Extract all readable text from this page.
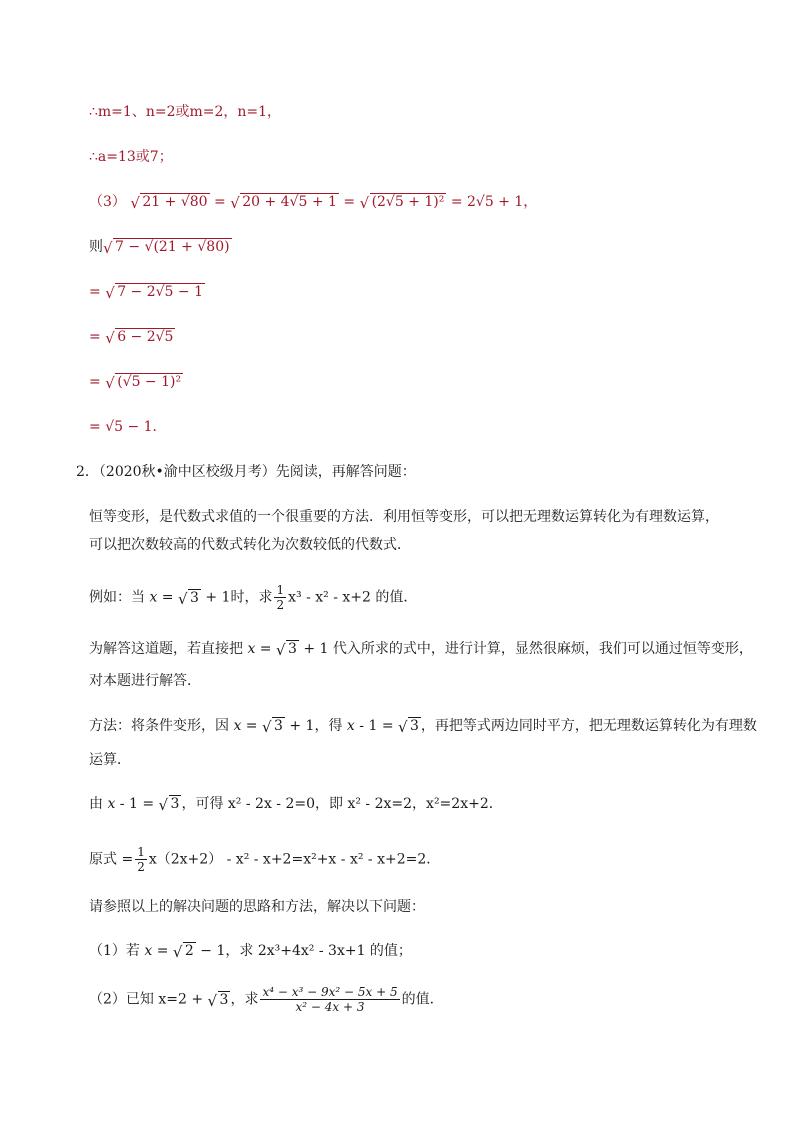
∴m=1、n=2或m=2，n=1，
∴a=13或7；
（3） √ 21 + √80 = √ 20 + 4√5 + 1 = √ (2√5 + 1)² = 2√5 + 1，
则 √ 7 − √(21 + √80)
= √ 7 − 2√5 − 1
= √ 6 − 2√5
= √ (√5 − 1)²
= √5 − 1．
2．（2020秋•渝中区校级月考）先阅读，再解答问题：
恒等变形，是代数式求值的一个很重要的方法．利用恒等变形，可以把无理数运算转化为有理数运算，可以把次数较高的代数式转化为次数较低的代数式．
例如：当 x = √ 3 + 1时，求 $\frac{1}{2} x^3 - x^2 - x+2$ 的值．
为解答这道题，若直接把 x = √ 3 + 1 代入所求的式中，进行计算，显然很麻烦，我们可以通过恒等变形，
对本题进行解答．
方法：将条件变形，因 x = √ 3 + 1，得 x - 1 = √ 3 ，再把等式两边同时平方，把无理数运算转化为有理数
运算．
由 x - 1 = √ 3 ，可得 x² - 2x - 2=0，即 x² - 2x=2，x²=2x+2．
原式 = $\frac{1}{2} x(2x+2) - x^2 - x+2=x^2+x - x^2 - x+2=2$．
请参照以上的解决问题的思路和方法，解决以下问题：
（1）若 x = √ 2 − 1，求 2x³+4x² - 3x+1 的值；
（2）已知 x=2 + √ 3 ，求 $\frac{\text{x⁴ − x³ − 9x² − 5x + 5}}{\text{x² − 4x + 3}}$ 的值．
